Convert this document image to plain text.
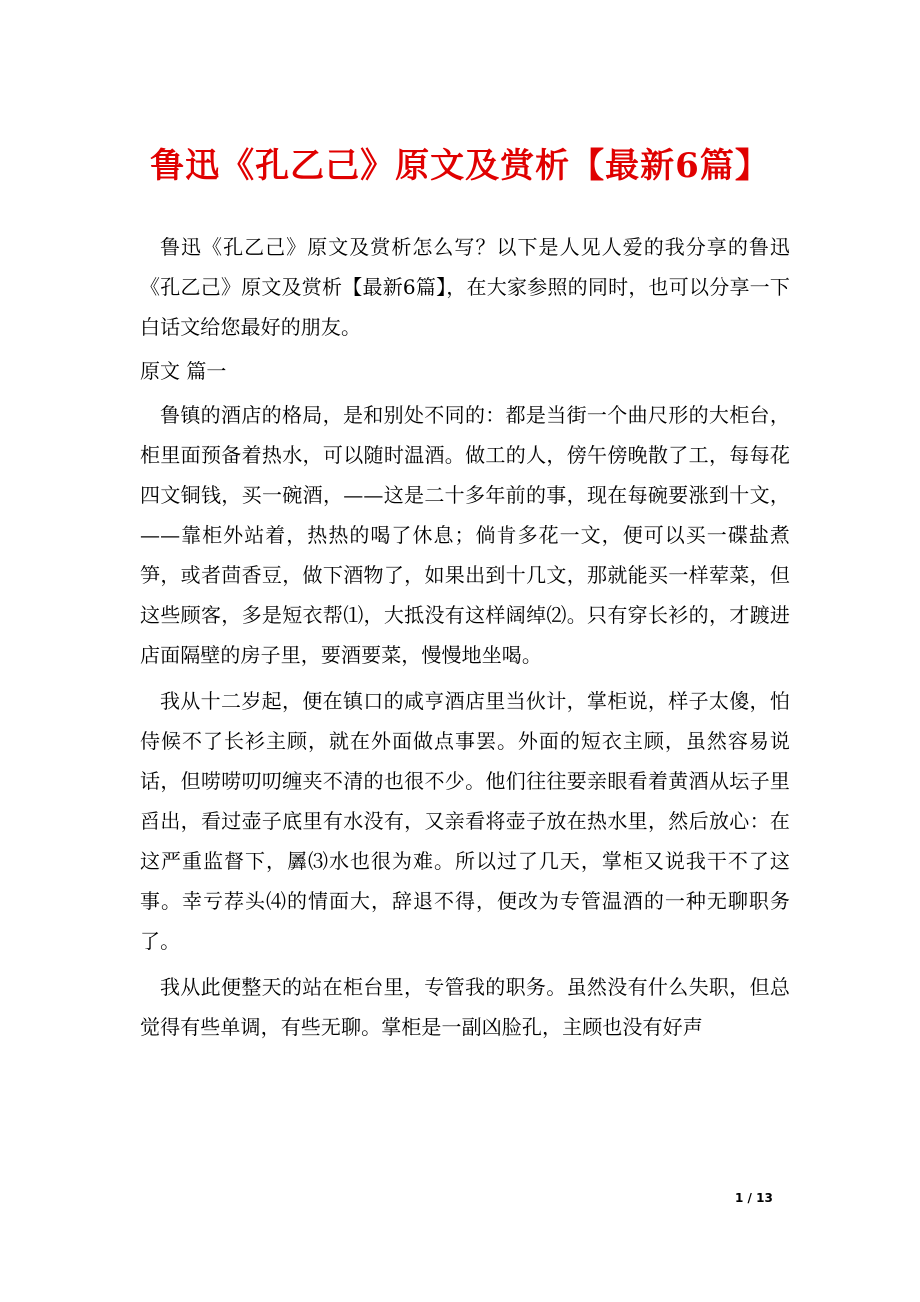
鲁迅《孔乙己》原文及赏析【最新6篇】

鲁迅《孔乙己》原文及赏析怎么写？以下是人见人爱的我分享的鲁迅《孔乙己》原文及赏析【最新6篇】，在大家参照的同时，也可以分享一下白话文给您最好的朋友。

原文 篇一

鲁镇的酒店的格局，是和别处不同的：都是当街一个曲尺形的大柜台，柜里面预备着热水，可以随时温酒。做工的人，傍午傍晚散了工，每每花四文铜钱，买一碗酒，——这是二十多年前的事，现在每碗要涨到十文，——靠柜外站着，热热的喝了休息；倘肯多花一文，便可以买一碟盐煮笋，或者茴香豆，做下酒物了，如果出到十几文，那就能买一样荤菜，但这些顾客，多是短衣帮⑴，大抵没有这样阔绰⑵。只有穿长衫的，才踱进店面隔壁的房子里，要酒要菜，慢慢地坐喝。

我从十二岁起，便在镇口的咸亨酒店里当伙计，掌柜说，样子太傻，怕侍候不了长衫主顾，就在外面做点事罢。外面的短衣主顾，虽然容易说话，但唠唠叨叨缠夹不清的也很不少。他们往往要亲眼看着黄酒从坛子里舀出，看过壶子底里有水没有，又亲看将壶子放在热水里，然后放心：在这严重监督下，羼⑶水也很为难。所以过了几天，掌柜又说我干不了这事。幸亏荐头⑷的情面大，辞退不得，便改为专管温酒的一种无聊职务了。

我从此便整天的站在柜台里，专管我的职务。虽然没有什么失职，但总觉得有些单调，有些无聊。掌柜是一副凶脸孔，主顾也没有好声

1 / 13
